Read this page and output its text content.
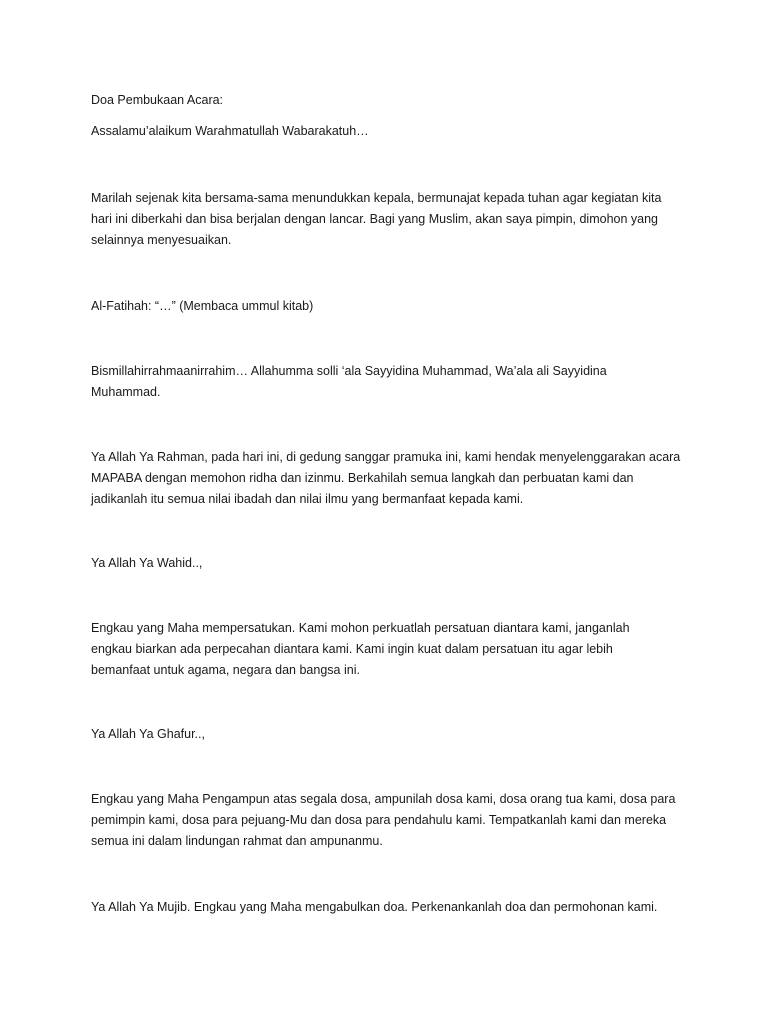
Doa Pembukaan Acara:

Assalamu’alaikum Warahmatullah Wabarakatuh…

Marilah sejenak kita bersama-sama menundukkan kepala, bermunajat kepada tuhan agar kegiatan kita
hari ini diberkahi dan bisa berjalan dengan lancar. Bagi yang Muslim, akan saya pimpin, dimohon yang
selainnya menyesuaikan.

Al-Fatihah: “…” (Membaca ummul kitab)

Bismillahirrahmaanirrahim… Allahumma solli ‘ala Sayyidina Muhammad, Wa’ala ali Sayyidina
Muhammad.

Ya Allah Ya Rahman, pada hari ini, di gedung sanggar pramuka ini, kami hendak menyelenggarakan acara
MAPABA dengan memohon ridha dan izinmu. Berkahilah semua langkah dan perbuatan kami dan
jadikanlah itu semua nilai ibadah dan nilai ilmu yang bermanfaat kepada kami.

Ya Allah Ya Wahid..,

Engkau yang Maha mempersatukan. Kami mohon perkuatlah persatuan diantara kami, janganlah
engkau biarkan ada perpecahan diantara kami. Kami ingin kuat dalam persatuan itu agar lebih
bemanfaat untuk agama, negara dan bangsa ini.

Ya Allah Ya Ghafur..,

Engkau yang Maha Pengampun atas segala dosa, ampunilah dosa kami, dosa orang tua kami, dosa para
pemimpin kami, dosa para pejuang-Mu dan dosa para pendahulu kami. Tempatkanlah kami dan mereka
semua ini dalam lindungan rahmat dan ampunanmu.

Ya Allah Ya Mujib. Engkau yang Maha mengabulkan doa. Perkenankanlah doa dan permohonan kami.
